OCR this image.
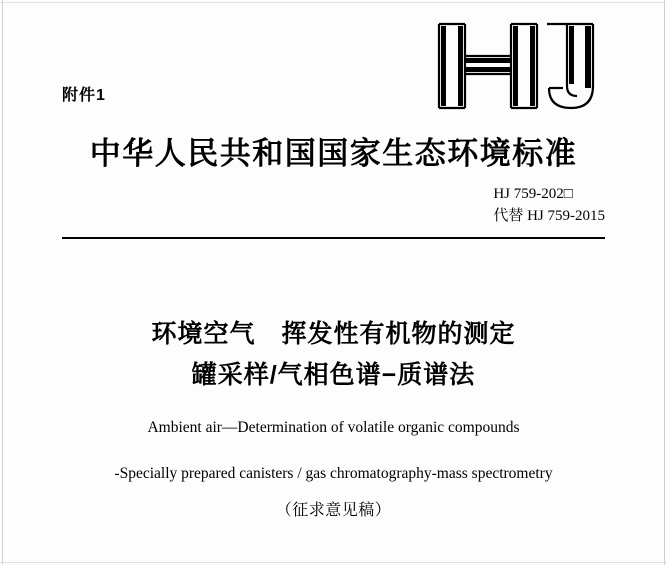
附件1
中华人民共和国国家生态环境标准
HJ 759-202□
代替 HJ 759-2015
环境空气　挥发性有机物的测定
罐采样/气相色谱−质谱法
Ambient air—Determination of volatile organic compounds
-Specially prepared canisters / gas chromatography-mass spectrometry
（征求意见稿）
